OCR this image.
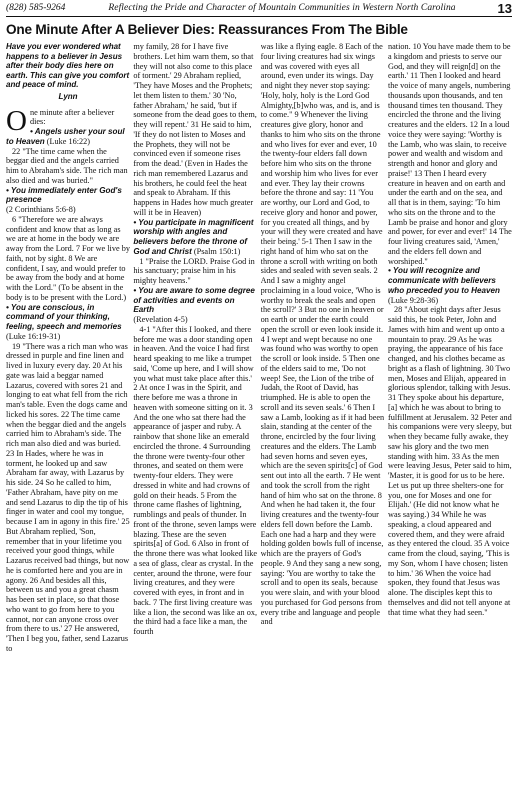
(828) 585-9264	Reflecting the Pride and Character of Mountain Communities in Western North Carolina	13
One Minute After A Believer Dies: Reassurances From The Bible

Have you ever wondered what happens to a believer in Jesus after their body dies here on earth. This can give you comfort and peace of mind.

Lynn

One minute after a believer dies:

• Angels usher your soul to Heaven (Luke 16:22)

22 "The time came when the beggar died and the angels carried him to Abraham's side. The rich man also died and was buried."

• You immediately enter God's presence

(2 Corinthians 5:6-8)

6 "Therefore we are always confident and know that as long as we are at home in the body we are away from the Lord. 7 For we live by faith, not by sight. 8 We are confident, I say, and would prefer to be away from the body and at home with the Lord." (To be absent in the body is to be present with the Lord.)

• You are conscious, in command of your thinking, feeling, speech and memories (Luke 16:19-31)

19 "There was a rich man who was dressed in purple and fine linen and lived in luxury every day. 20 At his gate was laid a beggar named Lazarus, covered with sores 21 and longing to eat what fell from the rich man's table. Even the dogs came and licked his sores. 22 The time came when the beggar died and the angels carried him to Abraham's side. The rich man also died and was buried. 23 In Hades, where he was in torment, he looked up and saw Abraham far away, with Lazarus by his side. 24 So he called to him, 'Father Abraham, have pity on me and send Lazarus to dip the tip of his finger in water and cool my tongue, because I am in agony in this fire.' 25 But Abraham replied, 'Son, remember that in your lifetime you received your good things, while Lazarus received bad things, but now he is comforted here and you are in agony. 26 And besides all this, between us and you a great chasm has been set in place, so that those who want to go from here to you cannot, nor can anyone cross over from there to us.' 27 He answered, 'Then I beg you, father, send Lazarus to

my family, 28 for I have five brothers. Let him warn them, so that they will not also come to this place of torment.' 29 Abraham replied, 'They have Moses and the Prophets; let them listen to them.' 30 'No, father Abraham,' he said, 'but if someone from the dead goes to them, they will repent.' 31 He said to him, 'If they do not listen to Moses and the Prophets, they will not be convinced even if someone rises from the dead.' (Even in Hades the rich man remembered Lazarus and his brothers, he could feel the heat and speak to Abraham. If this happens in Hades how much greater will it be in Heaven)

• You participate in magnificent worship with angles and believers before the throne of God and Christ (Psalm 150:1)

1 "Praise the LORD. Praise God in his sanctuary; praise him in his mighty heavens."

• You are aware to some degree of activities and events on Earth

(Revelation 4-5)

4-1 "After this I looked, and there before me was a door standing open in heaven. And the voice I had first heard speaking to me like a trumpet said, 'Come up here, and I will show you what must take place after this.' 2 At once I was in the Spirit, and there before me was a throne in heaven with someone sitting on it. 3 And the one who sat there had the appearance of jasper and ruby. A rainbow that shone like an emerald encircled the throne. 4 Surrounding the throne were twenty-four other thrones, and seated on them were twenty-four elders. They were dressed in white and had crowns of gold on their heads. 5 From the throne came flashes of lightning, rumblings and peals of thunder. In front of the throne, seven lamps were blazing. These are the seven spirits[a] of God. 6 Also in front of the throne there was what looked like a sea of glass, clear as crystal. In the center, around the throne, were four living creatures, and they were covered with eyes, in front and in back. 7 The first living creature was like a lion, the second was like an ox, the third had a face like a man, the fourth

was like a flying eagle. 8 Each of the four living creatures had six wings and was covered with eyes all around, even under its wings. Day and night they never stop saying: 'Holy, holy, holy is the Lord God Almighty,[b]who was, and is, and is to come." 9 Whenever the living creatures give glory, honor and thanks to him who sits on the throne and who lives for ever and ever, 10 the twenty-four elders fall down before him who sits on the throne and worship him who lives for ever and ever. They lay their crowns before the throne and say: 11 'You are worthy, our Lord and God, to receive glory and honor and power, for you created all things, and by your will they were created and have their being.' 5-1 Then I saw in the right hand of him who sat on the throne a scroll with writing on both sides and sealed with seven seals. 2 And I saw a mighty angel proclaiming in a loud voice, 'Who is worthy to break the seals and open the scroll?' 3 But no one in heaven or on earth or under the earth could open the scroll or even look inside it. 4 I wept and wept because no one was found who was worthy to open the scroll or look inside. 5 Then one of the elders said to me, 'Do not weep! See, the Lion of the tribe of Judah, the Root of David, has triumphed. He is able to open the scroll and its seven seals.' 6 Then I saw a Lamb, looking as if it had been slain, standing at the center of the throne, encircled by the four living creatures and the elders. The Lamb had seven horns and seven eyes, which are the seven spirits[c] of God sent out into all the earth. 7 He went and took the scroll from the right hand of him who sat on the throne. 8 And when he had taken it, the four living creatures and the twenty-four elders fell down before the Lamb. Each one had a harp and they were holding golden bowls full of incense, which are the prayers of God's people. 9 And they sang a new song, saying: 'You are worthy to take the scroll and to open its seals, because you were slain, and with your blood you purchased for God persons from every tribe and language and people and

nation. 10 You have made them to be a kingdom and priests to serve our God, and they will reign[d] on the earth.' 11 Then I looked and heard the voice of many angels, numbering thousands upon thousands, and ten thousand times ten thousand. They encircled the throne and the living creatures and the elders. 12 In a loud voice they were saying: 'Worthy is the Lamb, who was slain, to receive power and wealth and wisdom and strength and honor and glory and praise!' 13 Then I heard every creature in heaven and on earth and under the earth and on the sea, and all that is in them, saying: 'To him who sits on the throne and to the Lamb be praise and honor and glory and power, for ever and ever!' 14 The four living creatures said, 'Amen,' and the elders fell down and worshiped."

• You will recognize and communicate with believers who preceded you to Heaven (Luke 9:28-36)

28 "About eight days after Jesus said this, he took Peter, John and James with him and went up onto a mountain to pray. 29 As he was praying, the appearance of his face changed, and his clothes became as bright as a flash of lightning. 30 Two men, Moses and Elijah, appeared in glorious splendor, talking with Jesus. 31 They spoke about his departure,[a] which he was about to bring to fulfillment at Jerusalem. 32 Peter and his companions were very sleepy, but when they became fully awake, they saw his glory and the two men standing with him. 33 As the men were leaving Jesus, Peter said to him, 'Master, it is good for us to be here. Let us put up three shelters-one for you, one for Moses and one for Elijah.' (He did not know what he was saying.) 34 While he was speaking, a cloud appeared and covered them, and they were afraid as they entered the cloud. 35 A voice came from the cloud, saying, 'This is my Son, whom I have chosen; listen to him.' 36 When the voice had spoken, they found that Jesus was alone. The disciples kept this to themselves and did not tell anyone at that time what they had seen."
